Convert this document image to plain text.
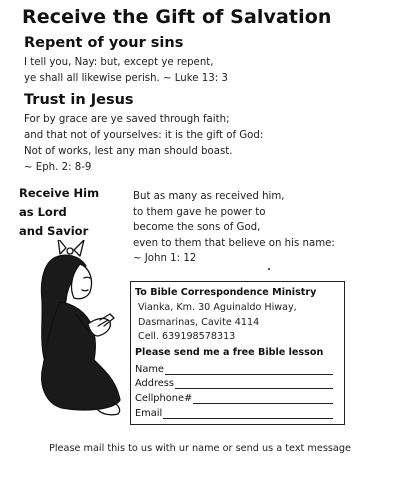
Receive the Gift of Salvation
Repent of your sins
I tell you, Nay: but, except ye repent,
ye shall all likewise perish. ~ Luke 13: 3
Trust in Jesus
For by grace are ye saved through faith;
and that not of yourselves: it is the gift of God:
Not of works, lest any man should boast.
~ Eph. 2: 8-9
Receive Him
as Lord
and Savior
But as many as received him,
to them gave he power to
become the sons of God,
even to them that believe on his name:
~ John 1: 12
To Bible Correspondence Ministry
Vianka, Km. 30 Aguinaldo Hiway,
Dasmarinas, Cavite 4114
Cell. 639198578313
Please send me a free Bible lesson
Name
Address
Cellphone#
Email
Please mail this to us with ur name or send us a text message
